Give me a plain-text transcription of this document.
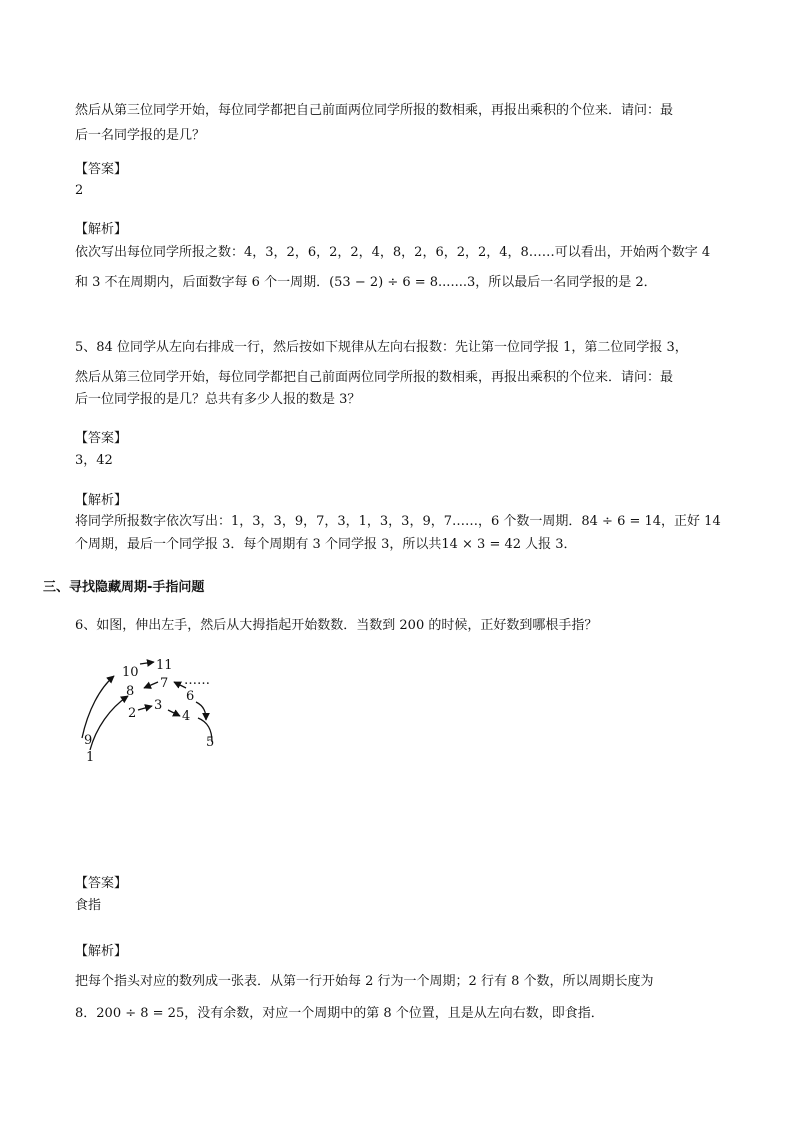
然后从第三位同学开始，每位同学都把自己前面两位同学所报的数相乘，再报出乘积的个位来．请问：最
后一名同学报的是几？
【答案】
2
【解析】
依次写出每位同学所报之数：4，3，2，6，2，2，4，8，2，6，2，2，4，8……可以看出，开始两个数字 4
和 3 不在周期内，后面数字每 6 个一周期．(53 − 2) ÷ 6 = 8.......3，所以最后一名同学报的是 2．
5、84 位同学从左向右排成一行，然后按如下规律从左向右报数：先让第一位同学报 1，第二位同学报 3，
然后从第三位同学开始，每位同学都把自己前面两位同学所报的数相乘，再报出乘积的个位来．请问：最
后一位同学报的是几？总共有多少人报的数是 3？
【答案】
3，42
【解析】
将同学所报数字依次写出：1，3，3，9，7，3，1，3，3，9，7……，6 个数一周期．84 ÷ 6 = 14，正好 14
个周期，最后一个同学报 3．每个周期有 3 个同学报 3，所以共14 × 3 = 42 人报 3．
三、寻找隐藏周期-手指问题
6、如图，伸出左手，然后从大拇指起开始数数．当数到 200 的时候，正好数到哪根手指？
9
1
2
10
8
3
11
7
4
6
5
……
【答案】
食指
【解析】
把每个指头对应的数列成一张表．从第一行开始每 2 行为一个周期；2 行有 8 个数，所以周期长度为
8．200 ÷ 8 = 25，没有余数，对应一个周期中的第 8 个位置，且是从左向右数，即食指．
